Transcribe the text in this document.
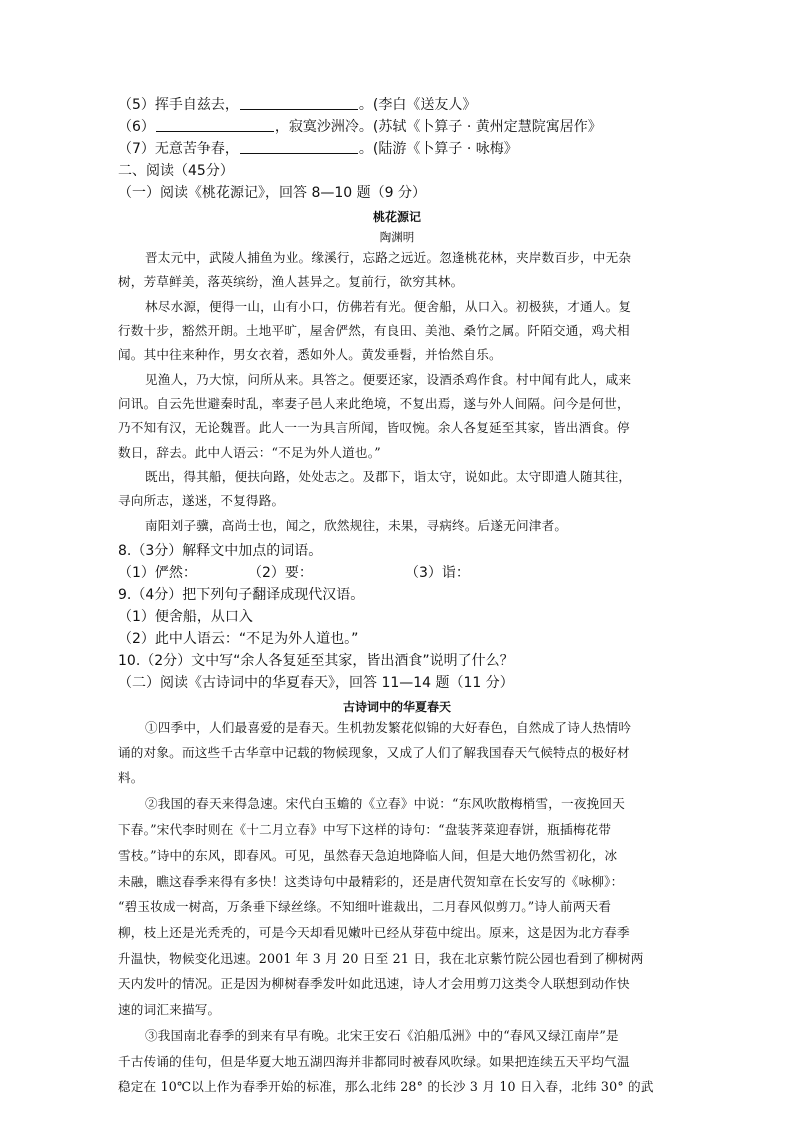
（5）挥手自兹去，	。(李白《送友人》
（6）	，寂寞沙洲冷。(苏轼《卜算子 · 黄州定慧院寓居作》
（7）无意苦争春，	。(陆游《卜算子 · 咏梅》
二、阅读（45分）
（一）阅读《桃花源记》，回答 8—10 题（9 分）
桃花源记
陶渊明
晋太元中，武陵人捕鱼为业。缘溪行，忘路之远近。忽逢桃花林，夹岸数百步，中无杂
树，芳草鲜美，落英缤纷，渔人甚异之。复前行，欲穷其林。
林尽水源，便得一山，山有小口，仿佛若有光。便舍船，从口入。初极狭，才通人。复
行数十步，豁然开朗。土地平旷，屋舍俨然，有良田、美池、桑竹之属。阡陌交通，鸡犬相
闻。其中往来种作，男女衣着，悉如外人。黄发垂髫，并怡然自乐。
见渔人，乃大惊，问所从来。具答之。便要还家，设酒杀鸡作食。村中闻有此人，咸来
问讯。自云先世避秦时乱，率妻子邑人来此绝境，不复出焉，遂与外人间隔。问今是何世，
乃不知有汉，无论魏晋。此人一一为具言所闻，皆叹惋。余人各复延至其家，皆出酒食。停
数日，辞去。此中人语云：“不足为外人道也。”
既出，得其船，便扶向路，处处志之。及郡下，诣太守，说如此。太守即遣人随其往，
寻向所志，遂迷，不复得路。
南阳刘子骥，高尚士也，闻之，欣然规往，未果，寻病终。后遂无问津者。
8.（3分）解释文中加点的词语。
（1）俨然：	（2）要：	（3）诣：
9.（4分）把下列句子翻译成现代汉语。
（1）便舍船，从口入
（2）此中人语云：“不足为外人道也。”
10.（2分）文中写“余人各复延至其家，皆出酒食”说明了什么？
（二）阅读《古诗词中的华夏春天》，回答 11—14 题（11 分）
古诗词中的华夏春天
①四季中，人们最喜爱的是春天。生机勃发繁花似锦的大好春色，自然成了诗人热情吟
诵的对象。而这些千古华章中记载的物候现象，又成了人们了解我国春天气候特点的极好材
料。
②我国的春天来得急速。宋代白玉蟾的《立春》中说：“东风吹散梅梢雪，一夜挽回天
下春。”宋代李时则在《十二月立春》中写下这样的诗句：“盘装荠菜迎春饼，瓶插梅花带
雪枝。”诗中的东风，即春风。可见，虽然春天急迫地降临人间，但是大地仍然雪初化，冰
未融，瞧这春季来得有多快！这类诗句中最精彩的，还是唐代贺知章在长安写的《咏柳》：
“碧玉妆成一树高，万条垂下绿丝绦。不知细叶谁裁出，二月春风似剪刀。”诗人前两天看
柳，枝上还是光秃秃的，可是今天却看见嫩叶已经从芽苞中绽出。原来，这是因为北方春季
升温快，物候变化迅速。2001 年 3 月 20 日至 21 日，我在北京紫竹院公园也看到了柳树两
天内发叶的情况。正是因为柳树春季发叶如此迅速，诗人才会用剪刀这类令人联想到动作快
速的词汇来描写。
③我国南北春季的到来有早有晚。北宋王安石《泊船瓜洲》中的“春风又绿江南岸”是
千古传诵的佳句，但是华夏大地五湖四海并非都同时被春风吹绿。如果把连续五天平均气温
稳定在 10℃以上作为春季开始的标准，那么北纬 28° 的长沙 3 月 10 日入春，北纬 30° 的武
